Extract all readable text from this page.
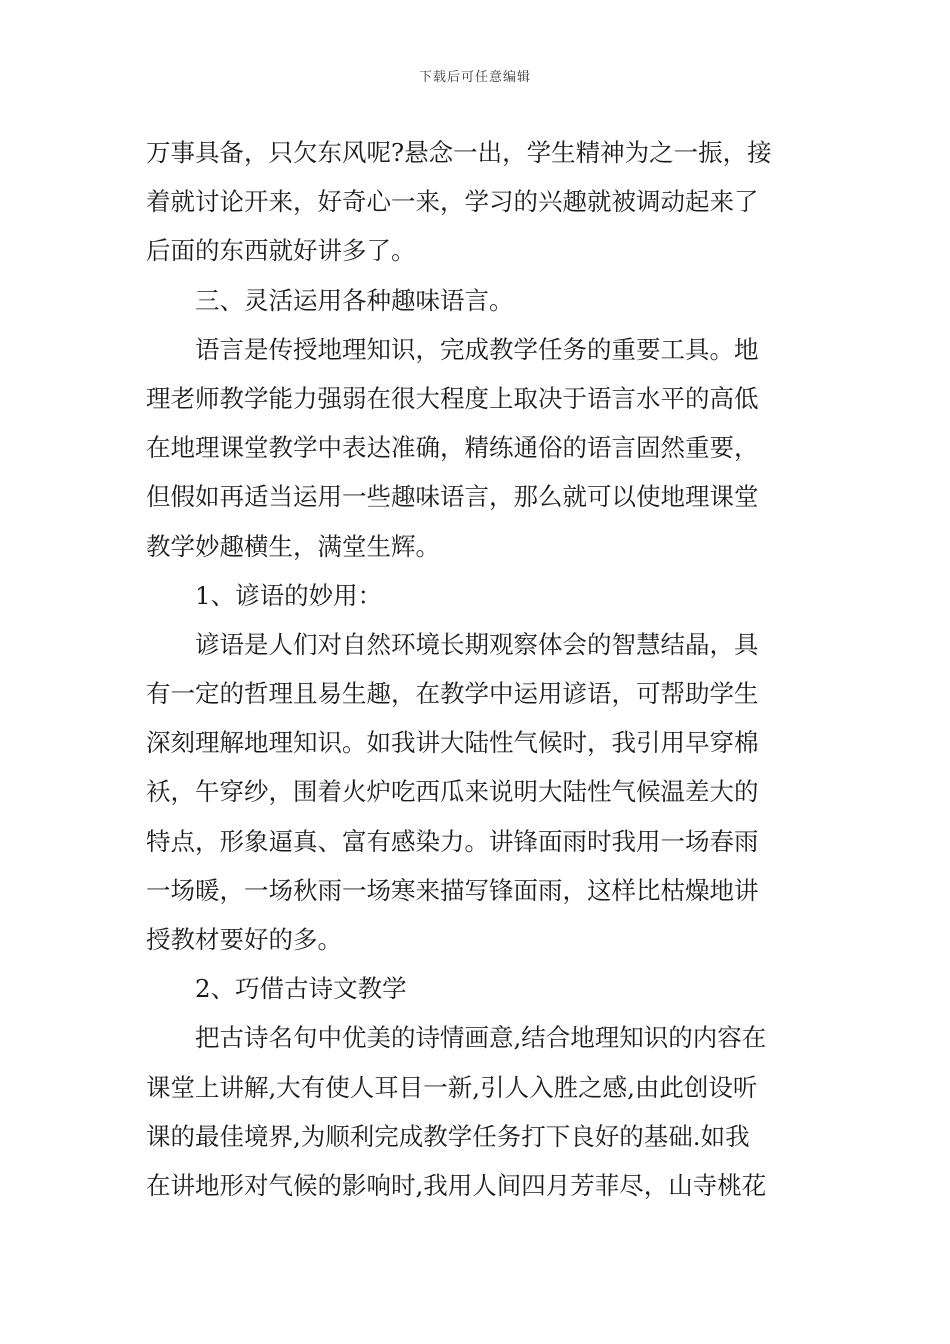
下载后可任意编辑
万事具备，只欠东风呢?悬念一出，学生精神为之一振，接
着就讨论开来，好奇心一来，学习的兴趣就被调动起来了
后面的东西就好讲多了。
三、灵活运用各种趣味语言。
语言是传授地理知识，完成教学任务的重要工具。地
理老师教学能力强弱在很大程度上取决于语言水平的高低
在地理课堂教学中表达准确，精练通俗的语言固然重要，
但假如再适当运用一些趣味语言，那么就可以使地理课堂
教学妙趣横生，满堂生辉。
1、谚语的妙用：
谚语是人们对自然环境长期观察体会的智慧结晶，具
有一定的哲理且易生趣，在教学中运用谚语，可帮助学生
深刻理解地理知识。如我讲大陆性气候时，我引用早穿棉
袄，午穿纱，围着火炉吃西瓜来说明大陆性气候温差大的
特点，形象逼真、富有感染力。讲锋面雨时我用一场春雨
一场暖，一场秋雨一场寒来描写锋面雨，这样比枯燥地讲
授教材要好的多。
2、巧借古诗文教学
把古诗名句中优美的诗情画意,结合地理知识的内容在
课堂上讲解,大有使人耳目一新,引人入胜之感,由此创设听
课的最佳境界,为顺利完成教学任务打下良好的基础.如我
在讲地形对气候的影响时,我用人间四月芳菲尽，山寺桃花
